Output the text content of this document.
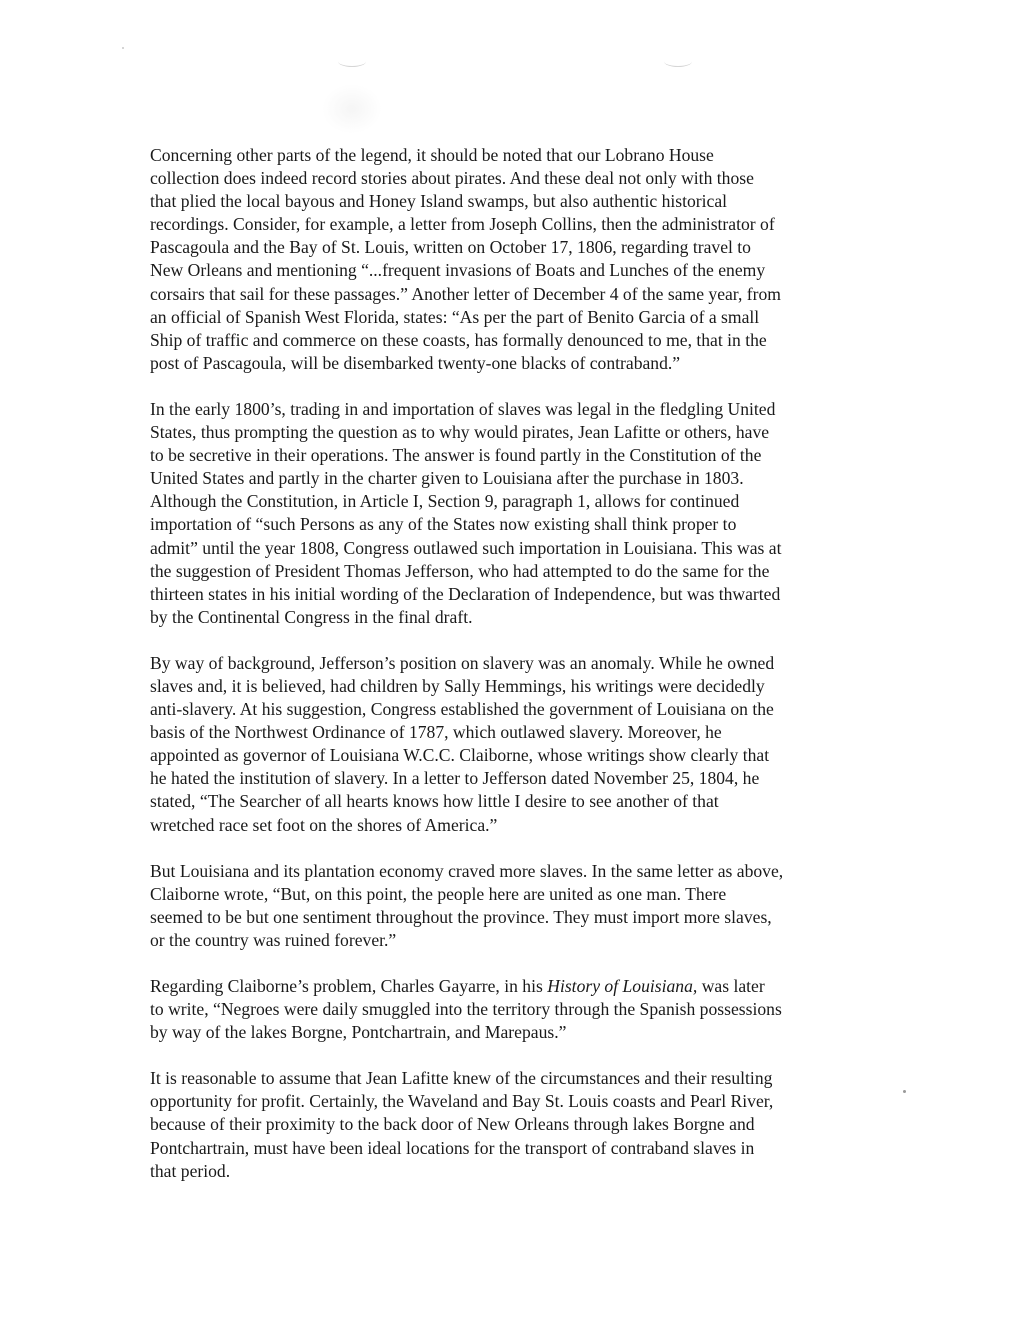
Concerning other parts of the legend, it should be noted that our Lobrano House
collection does indeed record stories about pirates. And these deal not only with those
that plied the local bayous and Honey Island swamps, but also authentic historical
recordings. Consider, for example, a letter from Joseph Collins, then the administrator of
Pascagoula and the Bay of St. Louis, written on October 17, 1806, regarding travel to
New Orleans and mentioning “...frequent invasions of Boats and Lunches of the enemy
corsairs that sail for these passages.” Another letter of December 4 of the same year, from
an official of Spanish West Florida, states: “As per the part of Benito Garcia of a small
Ship of traffic and commerce on these coasts, has formally denounced to me, that in the
post of Pascagoula, will be disembarked twenty-one blacks of contraband.”

In the early 1800’s, trading in and importation of slaves was legal in the fledgling United
States, thus prompting the question as to why would pirates, Jean Lafitte or others, have
to be secretive in their operations. The answer is found partly in the Constitution of the
United States and partly in the charter given to Louisiana after the purchase in 1803.
Although the Constitution, in Article I, Section 9, paragraph 1, allows for continued
importation of “such Persons as any of the States now existing shall think proper to
admit” until the year 1808, Congress outlawed such importation in Louisiana. This was at
the suggestion of President Thomas Jefferson, who had attempted to do the same for the
thirteen states in his initial wording of the Declaration of Independence, but was thwarted
by the Continental Congress in the final draft.

By way of background, Jefferson’s position on slavery was an anomaly. While he owned
slaves and, it is believed, had children by Sally Hemmings, his writings were decidedly
anti-slavery. At his suggestion, Congress established the government of Louisiana on the
basis of the Northwest Ordinance of 1787, which outlawed slavery. Moreover, he
appointed as governor of Louisiana W.C.C. Claiborne, whose writings show clearly that
he hated the institution of slavery. In a letter to Jefferson dated November 25, 1804, he
stated, “The Searcher of all hearts knows how little I desire to see another of that
wretched race set foot on the shores of America.”

But Louisiana and its plantation economy craved more slaves. In the same letter as above,
Claiborne wrote, “But, on this point, the people here are united as one man. There
seemed to be but one sentiment throughout the province. They must import more slaves,
or the country was ruined forever.”

Regarding Claiborne’s problem, Charles Gayarre, in his History of Louisiana, was later
to write, “Negroes were daily smuggled into the territory through the Spanish possessions
by way of the lakes Borgne, Pontchartrain, and Marepaus.”

It is reasonable to assume that Jean Lafitte knew of the circumstances and their resulting
opportunity for profit. Certainly, the Waveland and Bay St. Louis coasts and Pearl River,
because of their proximity to the back door of New Orleans through lakes Borgne and
Pontchartrain, must have been ideal locations for the transport of contraband slaves in
that period.
